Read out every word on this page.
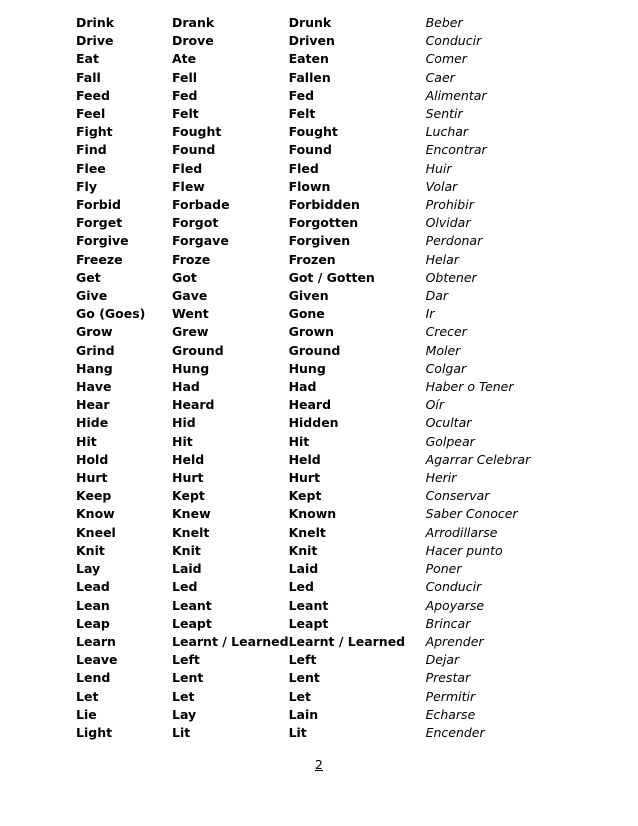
Drink	Drank	Drunk	Beber
Drive	Drove	Driven	Conducir
Eat	Ate	Eaten	Comer
Fall	Fell	Fallen	Caer
Feed	Fed	Fed	Alimentar
Feel	Felt	Felt	Sentir
Fight	Fought	Fought	Luchar
Find	Found	Found	Encontrar
Flee	Fled	Fled	Huir
Fly	Flew	Flown	Volar
Forbid	Forbade	Forbidden	Prohibir
Forget	Forgot	Forgotten	Olvidar
Forgive	Forgave	Forgiven	Perdonar
Freeze	Froze	Frozen	Helar
Get	Got	Got / Gotten	Obtener
Give	Gave	Given	Dar
Go (Goes)	Went	Gone	Ir
Grow	Grew	Grown	Crecer
Grind	Ground	Ground	Moler
Hang	Hung	Hung	Colgar
Have	Had	Had	Haber o Tener
Hear	Heard	Heard	Oír
Hide	Hid	Hidden	Ocultar
Hit	Hit	Hit	Golpear
Hold	Held	Held	Agarrar Celebrar
Hurt	Hurt	Hurt	Herir
Keep	Kept	Kept	Conservar
Know	Knew	Known	Saber Conocer
Kneel	Knelt	Knelt	Arrodillarse
Knit	Knit	Knit	Hacer punto
Lay	Laid	Laid	Poner
Lead	Led	Led	Conducir
Lean	Leant	Leant	Apoyarse
Leap	Leapt	Leapt	Brincar
Learn	Learnt / Learned	Learnt / Learned	Aprender
Leave	Left	Left	Dejar
Lend	Lent	Lent	Prestar
Let	Let	Let	Permitir
Lie	Lay	Lain	Echarse
Light	Lit	Lit	Encender
2
